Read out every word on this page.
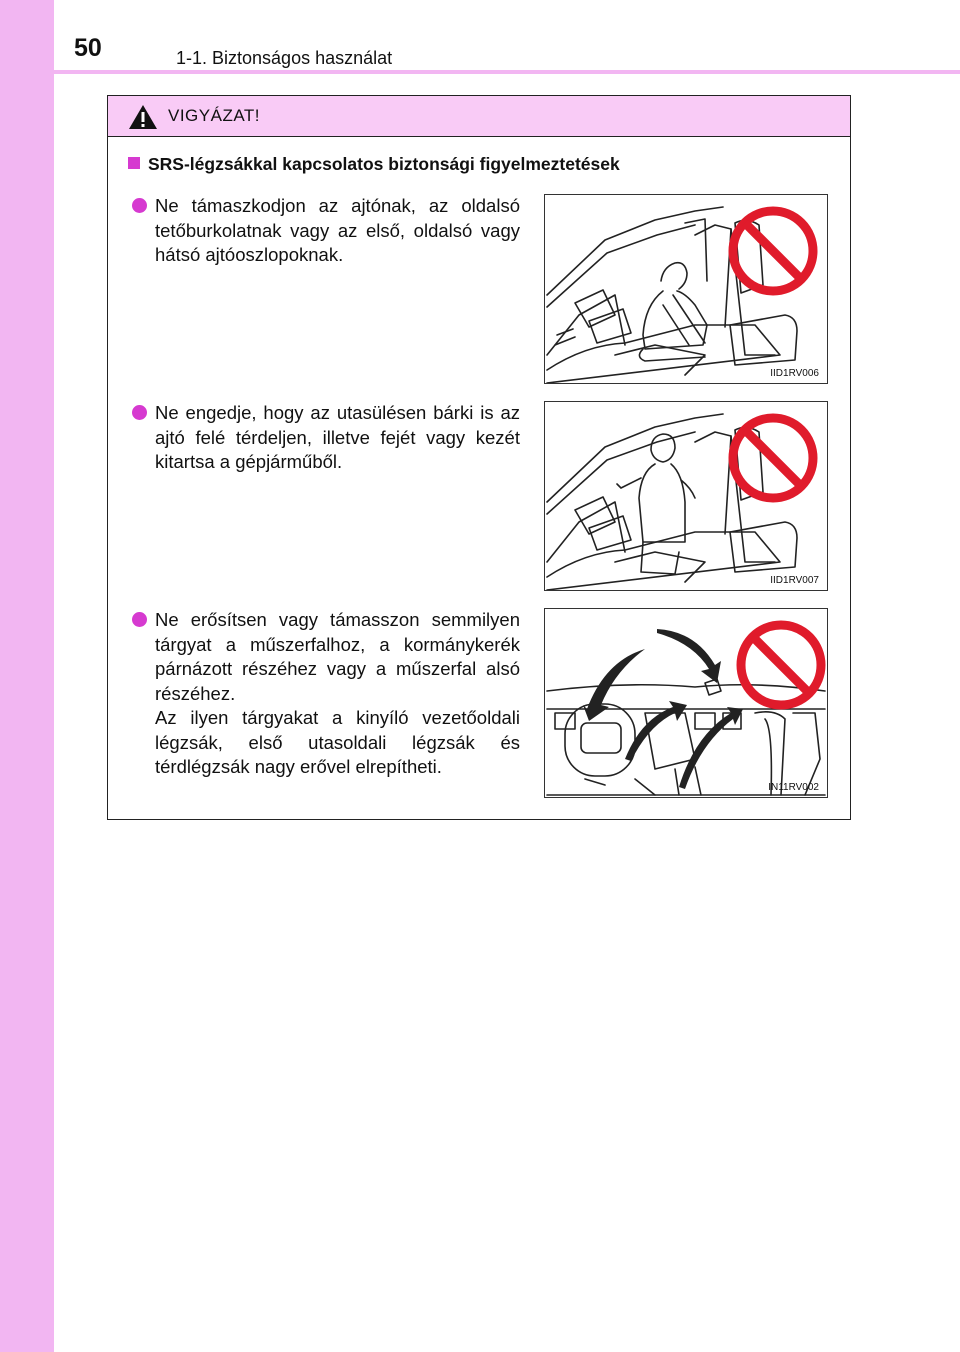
50	1-1. Biztonságos használat
VIGYÁZAT!
SRS-légzsákkal kapcsolatos biztonsági figyelmeztetések

Ne támaszkodjon az ajtónak, az oldalsó tetőburkolatnak vagy az első, oldalsó vagy hátsó ajtóoszlopoknak.

IID1RV006

Ne engedje, hogy az utasülésen bárki is az ajtó felé térdeljen, illetve fejét vagy kezét kitartsa a gépjárműből.

IID1RV007

Ne erősítsen vagy támasszon semmilyen tárgyat a műszerfalhoz, a kormánykerék párnázott részéhez vagy a műszerfal alsó részéhez.

Az ilyen tárgyakat a kinyíló vezetőoldali légzsák, első utasoldali légzsák és térdlégzsák nagy erővel elrepítheti.

IN11RV002
